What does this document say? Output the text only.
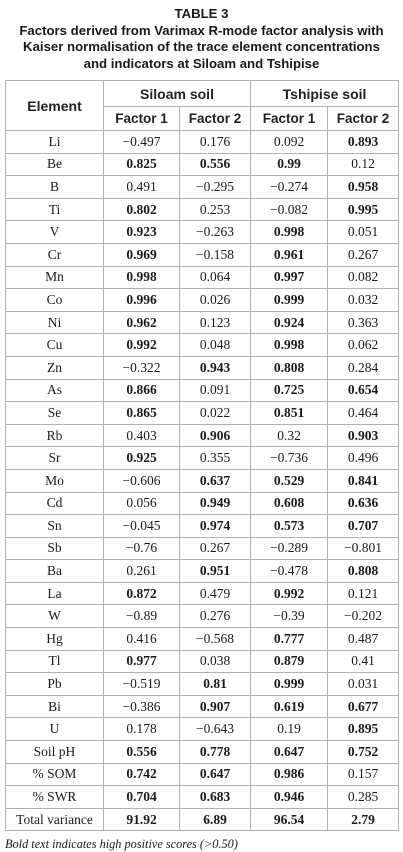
TABLE 3
Factors derived from Varimax R-mode factor analysis with
Kaiser normalisation of the trace element concentrations
and indicators at Siloam and Tshipise
Element	Siloam soil		Tshipise soil	
	Factor 1	Factor 2	Factor 1	Factor 2
Li	−0.497	0.176	0.092	0.893
Be	0.825	0.556	0.99	0.12
B	0.491	−0.295	−0.274	0.958
Ti	0.802	0.253	−0.082	0.995
V	0.923	−0.263	0.998	0.051
Cr	0.969	−0.158	0.961	0.267
Mn	0.998	0.064	0.997	0.082
Co	0.996	0.026	0.999	0.032
Ni	0.962	0.123	0.924	0.363
Cu	0.992	0.048	0.998	0.062
Zn	−0.322	0.943	0.808	0.284
As	0.866	0.091	0.725	0.654
Se	0.865	0.022	0.851	0.464
Rb	0.403	0.906	0.32	0.903
Sr	0.925	0.355	−0.736	0.496
Mo	−0.606	0.637	0.529	0.841
Cd	0.056	0.949	0.608	0.636
Sn	−0.045	0.974	0.573	0.707
Sb	−0.76	0.267	−0.289	−0.801
Ba	0.261	0.951	−0.478	0.808
La	0.872	0.479	0.992	0.121
W	−0.89	0.276	−0.39	−0.202
Hg	0.416	−0.568	0.777	0.487
Tl	0.977	0.038	0.879	0.41
Pb	−0.519	0.81	0.999	0.031
Bi	−0.386	0.907	0.619	0.677
U	0.178	−0.643	0.19	0.895
Soil pH	0.556	0.778	0.647	0.752
% SOM	0.742	0.647	0.986	0.157
% SWR	0.704	0.683	0.946	0.285
Total variance	91.92	6.89	96.54	2.79
Bold text indicates high positive scores (>0.50)
